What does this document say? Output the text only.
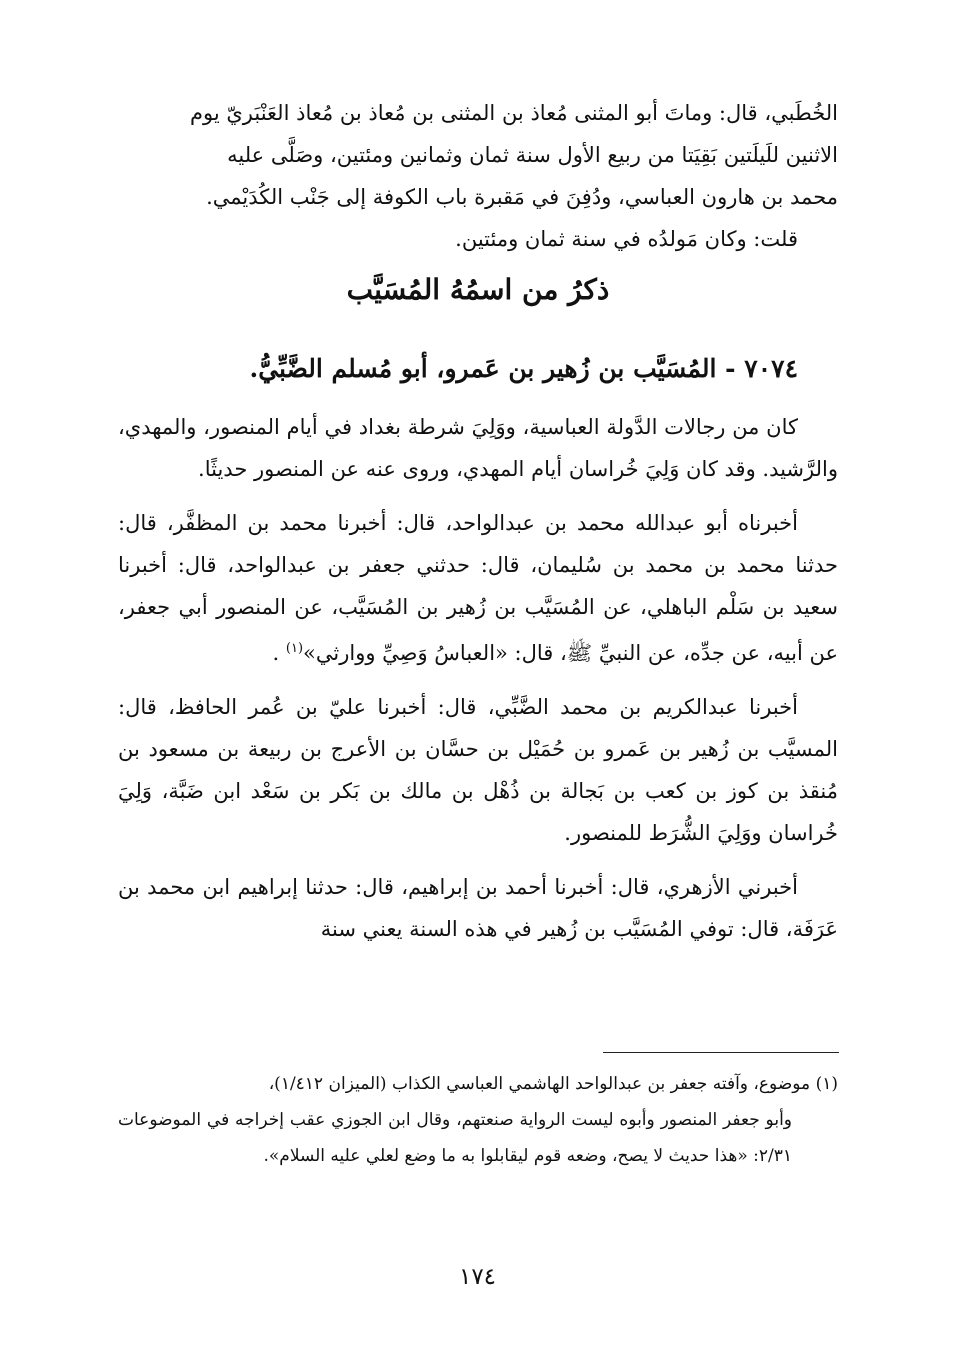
الخُطَبي، قال: وماتَ أبو المثنى مُعاذ بن المثنى بن مُعاذ بن مُعاذ العَنْبَريّ يوم

الاثنين للَيلَتين بَقِيَتا من ربيع الأول سنة ثمان وثمانين ومئتين، وصَلَّى عليه

محمد بن هارون العباسي، ودُفِنَ في مَقبرة باب الكوفة إلى جَنْب الكُدَيْمي.

قلت: وكان مَولدُه في سنة ثمان ومئتين.

ذكرُ من اسمُهُ المُسَيَّب
٧٠٧٤ - المُسَيَّب بن زُهير بن عَمرو، أبو مُسلم الضَّبِّيُّ.

كان من رجالات الدَّولة العباسية، ووَلِيَ شرطة بغداد في أيام المنصور، والمهدي، والرَّشيد. وقد كان وَلِيَ خُراسان أيام المهدي، وروى عنه عن المنصور حديثًا.

أخبرناه أبو عبدالله محمد بن عبدالواحد، قال: أخبرنا محمد بن المظفَّر، قال: حدثنا محمد بن محمد بن سُليمان، قال: حدثني جعفر بن عبدالواحد، قال: أخبرنا سعيد بن سَلْم الباهلي، عن المُسَيَّب بن زُهير بن المُسَيَّب، عن المنصور أبي جعفر، عن أبيه، عن جدِّه، عن النبيِّ ﷺ، قال: «العباسُ وَصِيِّ ووارثي»$^{(١)}$ .

أخبرنا عبدالكريم بن محمد الضَّبِّي، قال: أخبرنا عليّ بن عُمر الحافظ، قال: المسيَّب بن زُهير بن عَمرو بن حُمَيْل بن حسَّان بن الأعرج بن ربيعة بن مسعود بن مُنقذ بن كوز بن كعب بن بَجالة بن ذُهْل بن مالك بن بَكر بن سَعْد ابن ضَبَّة، وَلِيَ خُراسان ووَلِيَ الشُّرَط للمنصور.

أخبرني الأزهري، قال: أخبرنا أحمد بن إبراهيم، قال: حدثنا إبراهيم ابن محمد بن عَرَفَة، قال: توفي المُسَيَّب بن زُهير في هذه السنة يعني سنة

(١) موضوع، وآفته جعفر بن عبدالواحد الهاشمي العباسي الكذاب (الميزان ١/٤١٢)،

وأبو جعفر المنصور وأبوه ليست الرواية صنعتهم، وقال ابن الجوزي عقب إخراجه في الموضوعات ٢/٣١: «هذا حديث لا يصح، وضعه قوم ليقابلوا به ما وضع لعلي عليه السلام».

١٧٤
